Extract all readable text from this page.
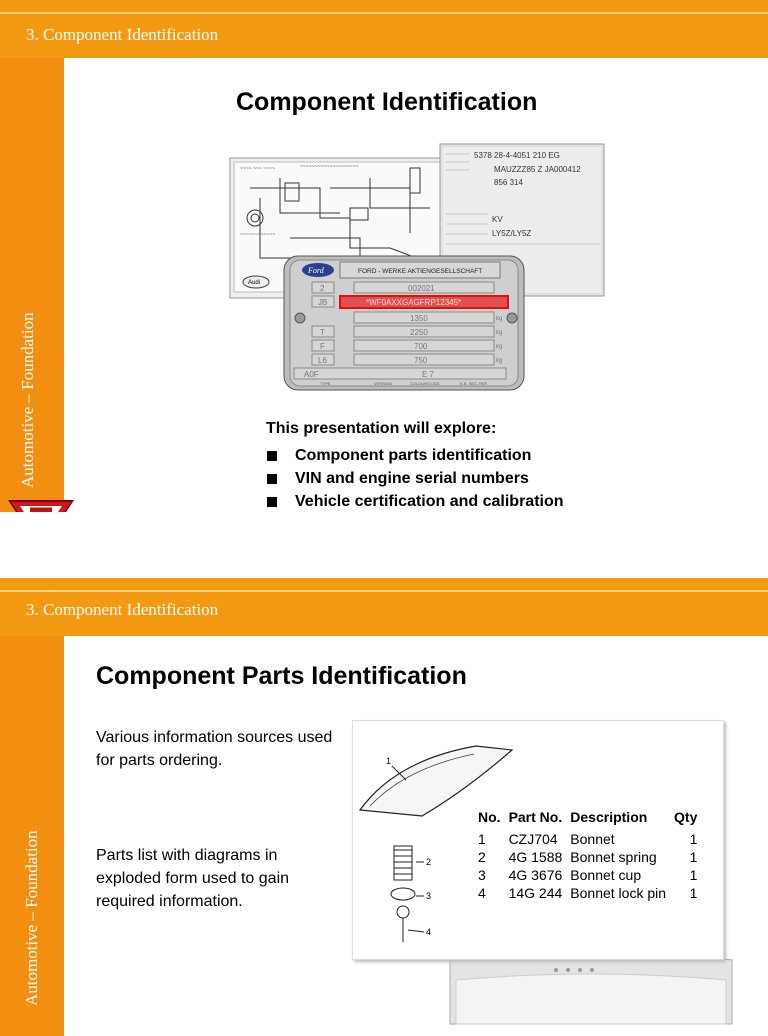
3. Component Identification
Automotive – Foundation
Component Identification
~~~~ ~~~ ~~~~	~~~~~~~~~~~~~~~~~~~~
~~~~~~~~~~~~
Audi
5378 28-4-4051 210 EG
MAUZZZ85 Z JA000412
856 314
KV
LY5Z/LY5Z
Ford	FORD - WERKE AKTIENGESELLSCHAFT
2	002021
JB	*WF0AXXGAGFRP12345*
1350	kg
T	2250	kg
F	700	kg
L6	750	kg
A0F	E 7
TYPE	VERSION	COLOUR/CODE	K.B. SEC. REF.
This presentation will explore:
Component parts identification
VIN and engine serial numbers
Vehicle certification and calibration
3. Component Identification
Automotive – Foundation
Component Parts Identification
Various information sources used for parts ordering.
Parts list with diagrams in exploded form used to gain required information.
1
2
3
4
No.	Part No.	Description	Qty
1	CZJ704	Bonnet	1
2	4G 1588	Bonnet spring	1
3	4G 3676	Bonnet cup	1
4	14G 244	Bonnet lock pin	1
